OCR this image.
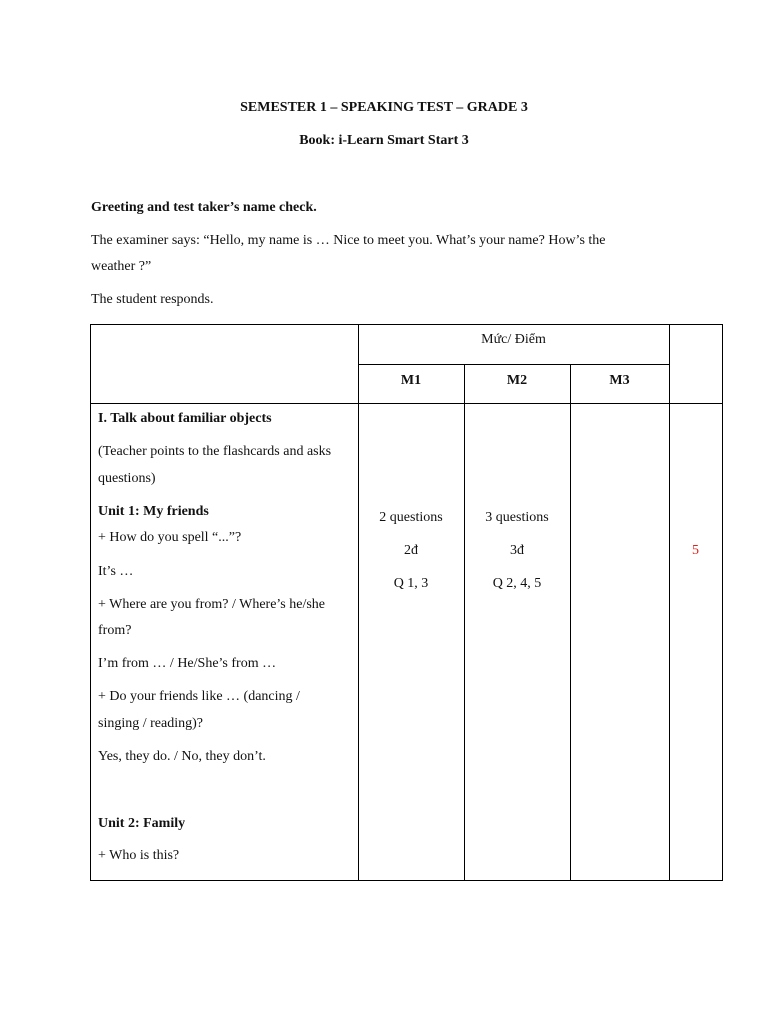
SEMESTER 1 – SPEAKING TEST – GRADE 3
Book: i-Learn Smart Start 3
Greeting and test taker’s name check.
The examiner says: “Hello, my name is … Nice to meet you. What’s your name? How’s the
weather ?”
The student responds.
Mức/ Điểm
M1	M2	M3
I. Talk about familiar objects
(Teacher points to the flashcards and asks
questions)
Unit 1: My friends
+ How do you spell “...”?
It’s …
+ Where are you from? / Where’s he/she
from?
I’m from … / He/She’s from …
+ Do your friends like … (dancing /
singing / reading)?
Yes, they do. / No, they don’t.
Unit 2: Family
+ Who is this?
2 questions
2đ
Q 1, 3
3 questions
3đ
Q 2, 4, 5
5
